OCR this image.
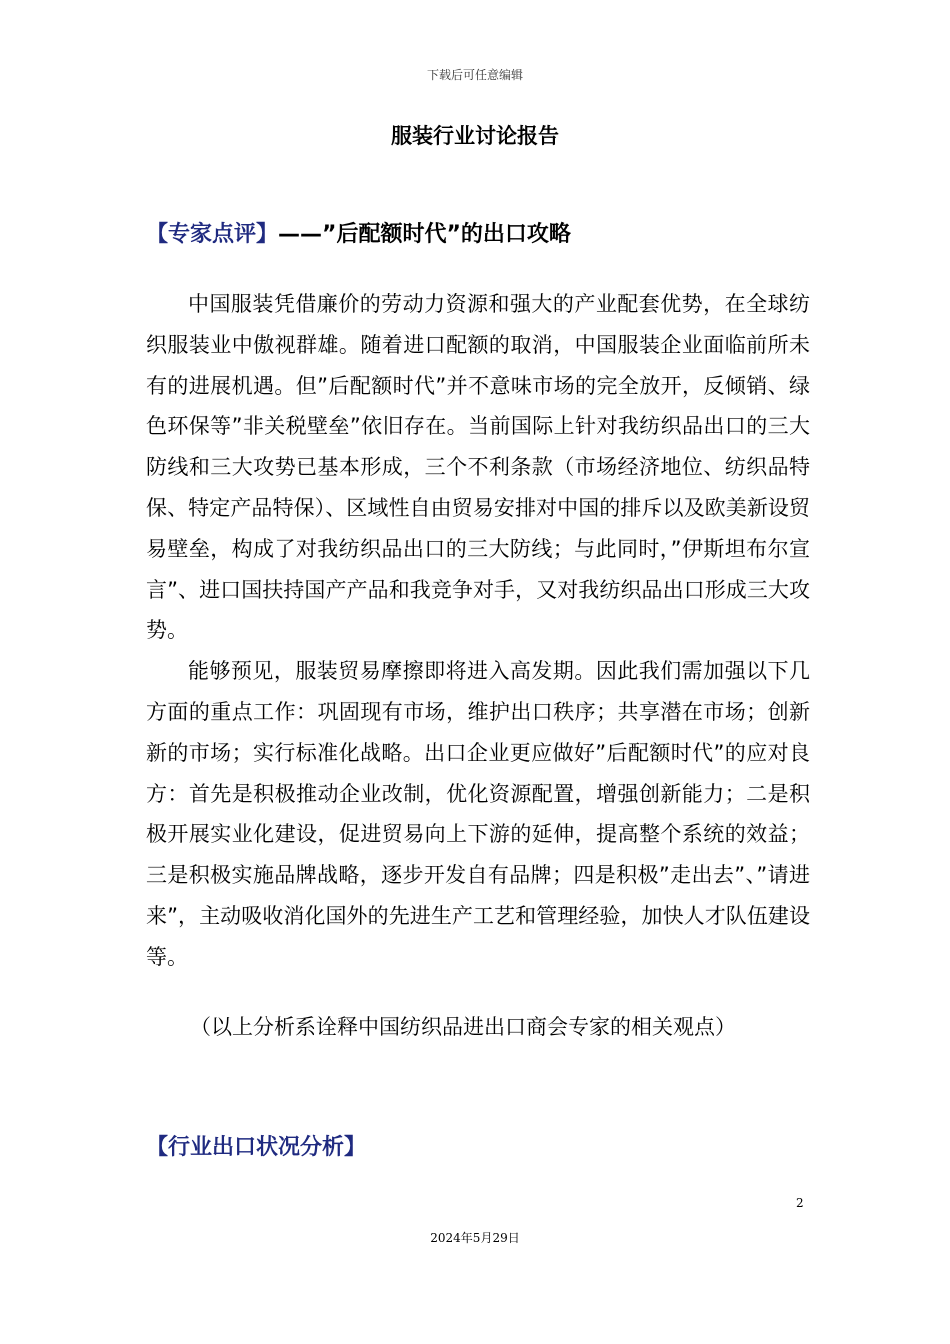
下载后可任意编辑
服装行业讨论报告
【专家点评】——”后配额时代”的出口攻略

中国服装凭借廉价的劳动力资源和强大的产业配套优势，在全球纺织服装业中傲视群雄。随着进口配额的取消，中国服装企业面临前所未有的进展机遇。但”后配额时代”并不意味市场的完全放开，反倾销、绿色环保等”非关税壁垒”依旧存在。当前国际上针对我纺织品出口的三大防线和三大攻势已基本形成，三个不利条款（市场经济地位、纺织品特保、特定产品特保）、区域性自由贸易安排对中国的排斥以及欧美新设贸易壁垒，构成了对我纺织品出口的三大防线；与此同时，”伊斯坦布尔宣言”、进口国扶持国产产品和我竞争对手，又对我纺织品出口形成三大攻势。

能够预见，服装贸易摩擦即将进入高发期。因此我们需加强以下几方面的重点工作：巩固现有市场，维护出口秩序；共享潜在市场；创新新的市场；实行标准化战略。出口企业更应做好”后配额时代”的应对良方：首先是积极推动企业改制，优化资源配置，增强创新能力；二是积极开展实业化建设，促进贸易向上下游的延伸，提高整个系统的效益；三是积极实施品牌战略，逐步开发自有品牌；四是积极”走出去”、”请进来”，主动吸收消化国外的先进生产工艺和管理经验，加快人才队伍建设等。

（以上分析系诠释中国纺织品进出口商会专家的相关观点）
【行业出口状况分析】
2
2024年5月29日
